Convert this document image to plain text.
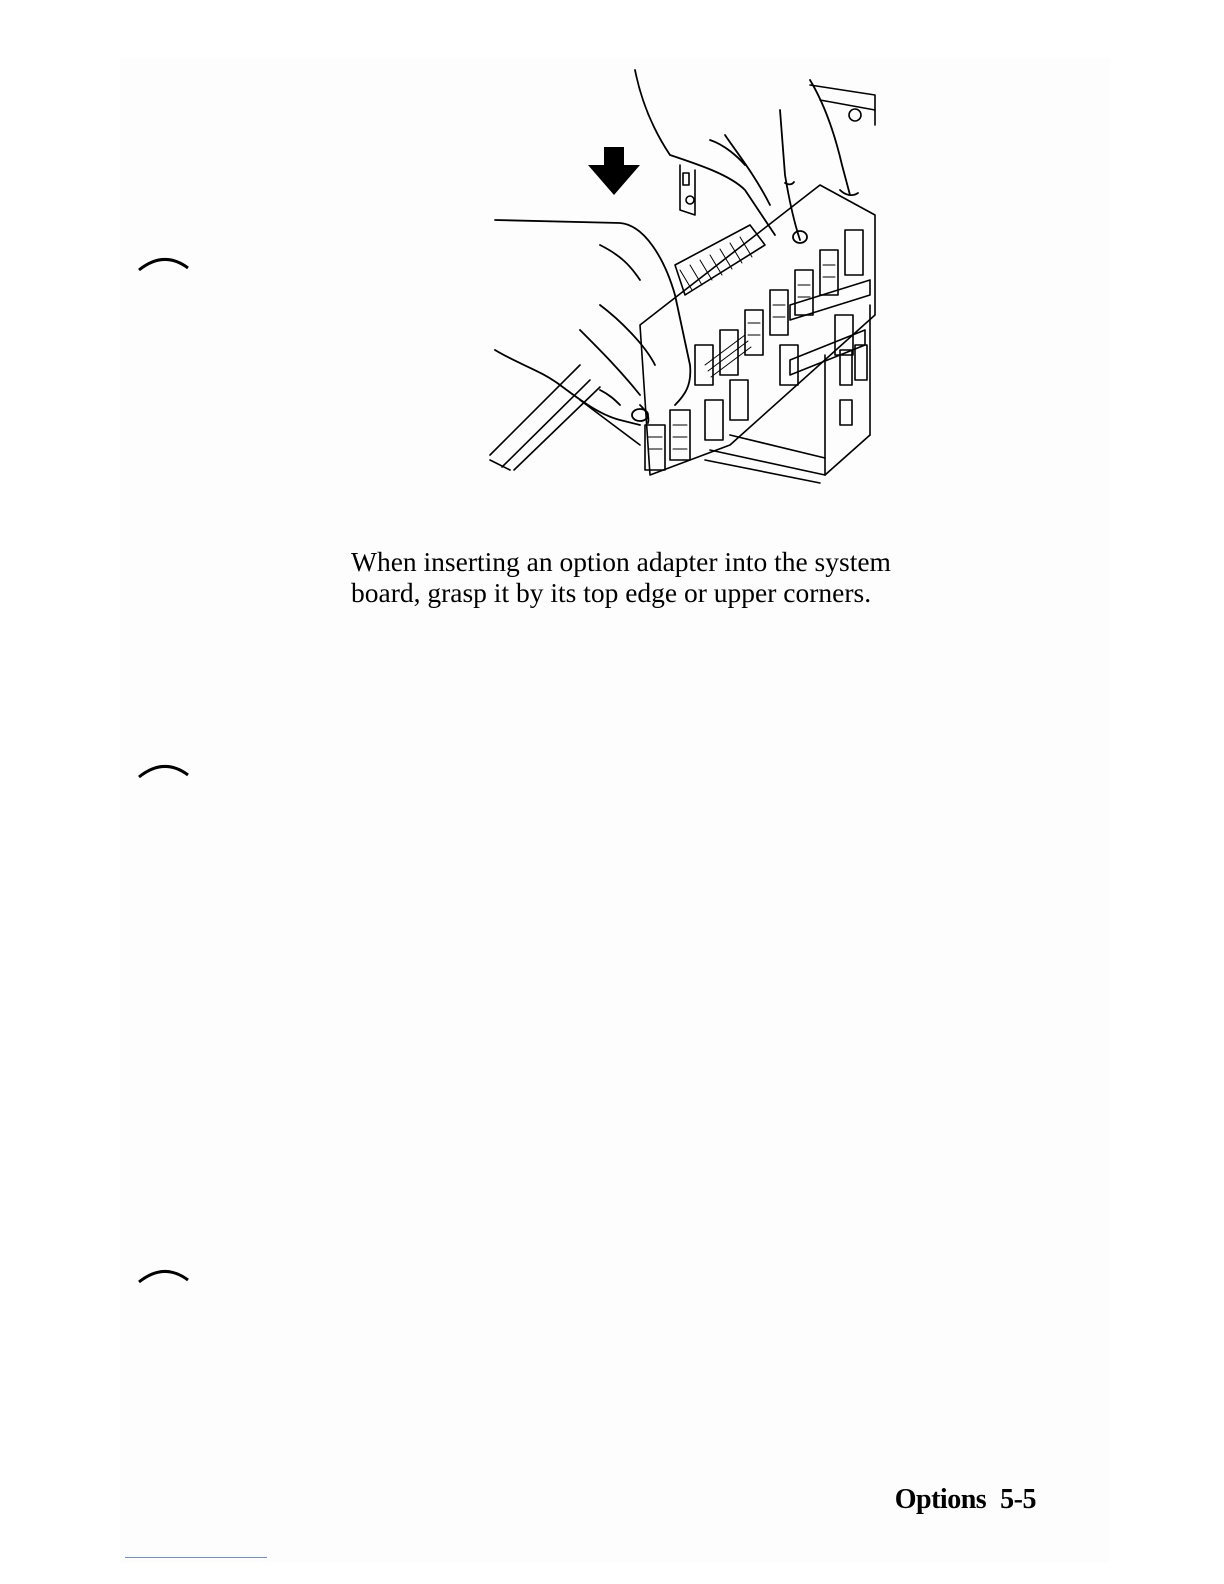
When inserting an option adapter into the system
board, grasp it by its top edge or upper corners.

Options 5-5
